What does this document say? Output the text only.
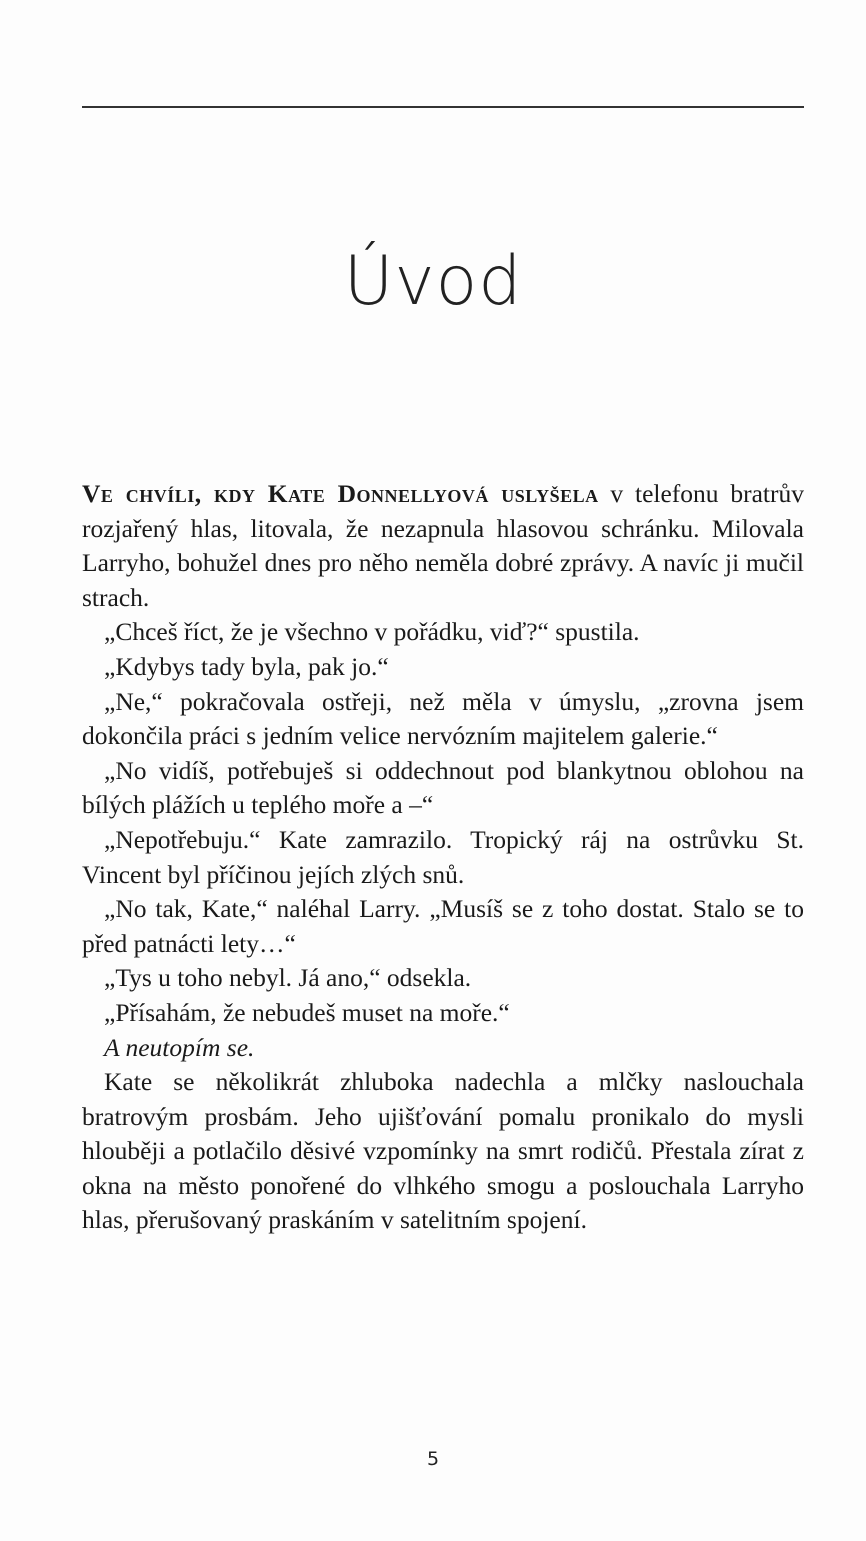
Úvod

Ve chvíli, kdy Kate Donnellyová uslyšela v telefonu bratrův rozjařený hlas, litovala, že nezapnula hlasovou schránku. Milovala Larryho, bohužel dnes pro něho neměla dobré zprávy. A navíc ji mučil strach.

„Chceš říct, že je všechno v pořádku, viď?“ spustila.

„Kdybys tady byla, pak jo.“

„Ne,“ pokračovala ostřeji, než měla v úmyslu, „zrovna jsem dokončila práci s jedním velice nervózním majitelem galerie.“

„No vidíš, potřebuješ si oddechnout pod blankytnou oblohou na bílých plážích u teplého moře a –“

„Nepotřebuju.“ Kate zamrazilo. Tropický ráj na ostrůvku St. Vincent byl příčinou jejích zlých snů.

„No tak, Kate,“ naléhal Larry. „Musíš se z toho dostat. Stalo se to před patnácti lety…“

„Tys u toho nebyl. Já ano,“ odsekla.

„Přísahám, že nebudeš muset na moře.“

A neutopím se.

Kate se několikrát zhluboka nadechla a mlčky naslouchala bratrovým prosbám. Jeho ujišťování pomalu pronikalo do mysli hlouběji a potlačilo děsivé vzpomínky na smrt rodičů. Přestala zírat z okna na město ponořené do vlhkého smogu a poslouchala Larryho hlas, přerušovaný praskáním v satelitním spojení.

5
